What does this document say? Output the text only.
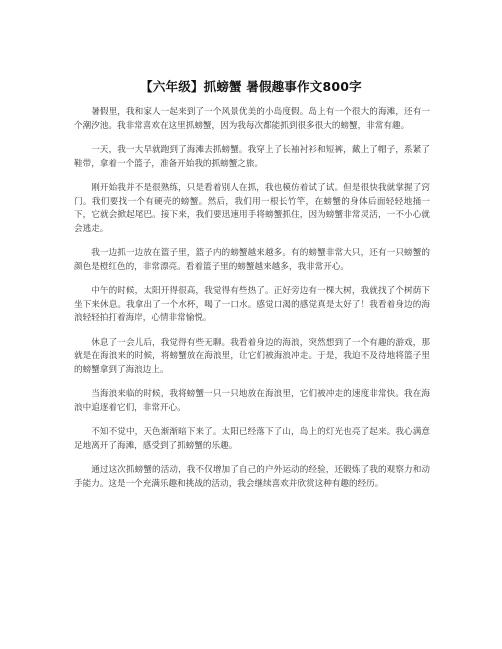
【六年级】抓螃蟹 暑假趣事作文800字

暑假里，我和家人一起来到了一个风景优美的小岛度假。岛上有一个很大的海滩，还有一个潮汐池。我非常喜欢在这里抓螃蟹，因为我每次都能抓到很多很大的螃蟹，非常有趣。

一天，我一大早就跑到了海滩去抓螃蟹。我穿上了长袖衬衫和短裤，戴上了帽子，系紧了鞋带，拿着一个篮子，准备开始我的抓螃蟹之旅。

刚开始我并不是很熟练，只是看着别人在抓，我也模仿着试了试。但是很快我就掌握了窍门。我们要找一个有硬壳的螃蟹。然后，我们用一根长竹竿，在螃蟹的身体后面轻轻地捅一下，它就会掀起尾巴。接下来，我们要迅速用手将螃蟹抓住，因为螃蟹非常灵活，一不小心就会逃走。

我一边抓一边放在篮子里，篮子内的螃蟹越来越多。有的螃蟹非常大只，还有一只螃蟹的颜色是橙红色的，非常漂亮。看着篮子里的螃蟹越来越多，我非常开心。

中午的时候，太阳开得很高，我觉得有些热了。正好旁边有一棵大树，我就找了个树荫下坐下来休息。我拿出了一个水杯，喝了一口水。感觉口渴的感觉真是太好了！我看着身边的海浪轻轻拍打着海岸，心情非常愉悦。

休息了一会儿后，我觉得有些无聊。我看着身边的海浪，突然想到了一个有趣的游戏，那就是在海浪来的时候，将螃蟹放在海浪里，让它们被海浪冲走。于是，我迫不及待地将篮子里的螃蟹拿到了海浪边上。

当海浪来临的时候，我将螃蟹一只一只地放在海浪里，它们被冲走的速度非常快。我在海浪中追逐着它们，非常开心。

不知不觉中，天色渐渐暗下来了。太阳已经落下了山，岛上的灯光也亮了起来。我心满意足地离开了海滩，感受到了抓螃蟹的乐趣。

通过这次抓螃蟹的活动，我不仅增加了自己的户外运动的经验，还锻炼了我的观察力和动手能力。这是一个充满乐趣和挑战的活动，我会继续喜欢并欣赏这种有趣的经历。
